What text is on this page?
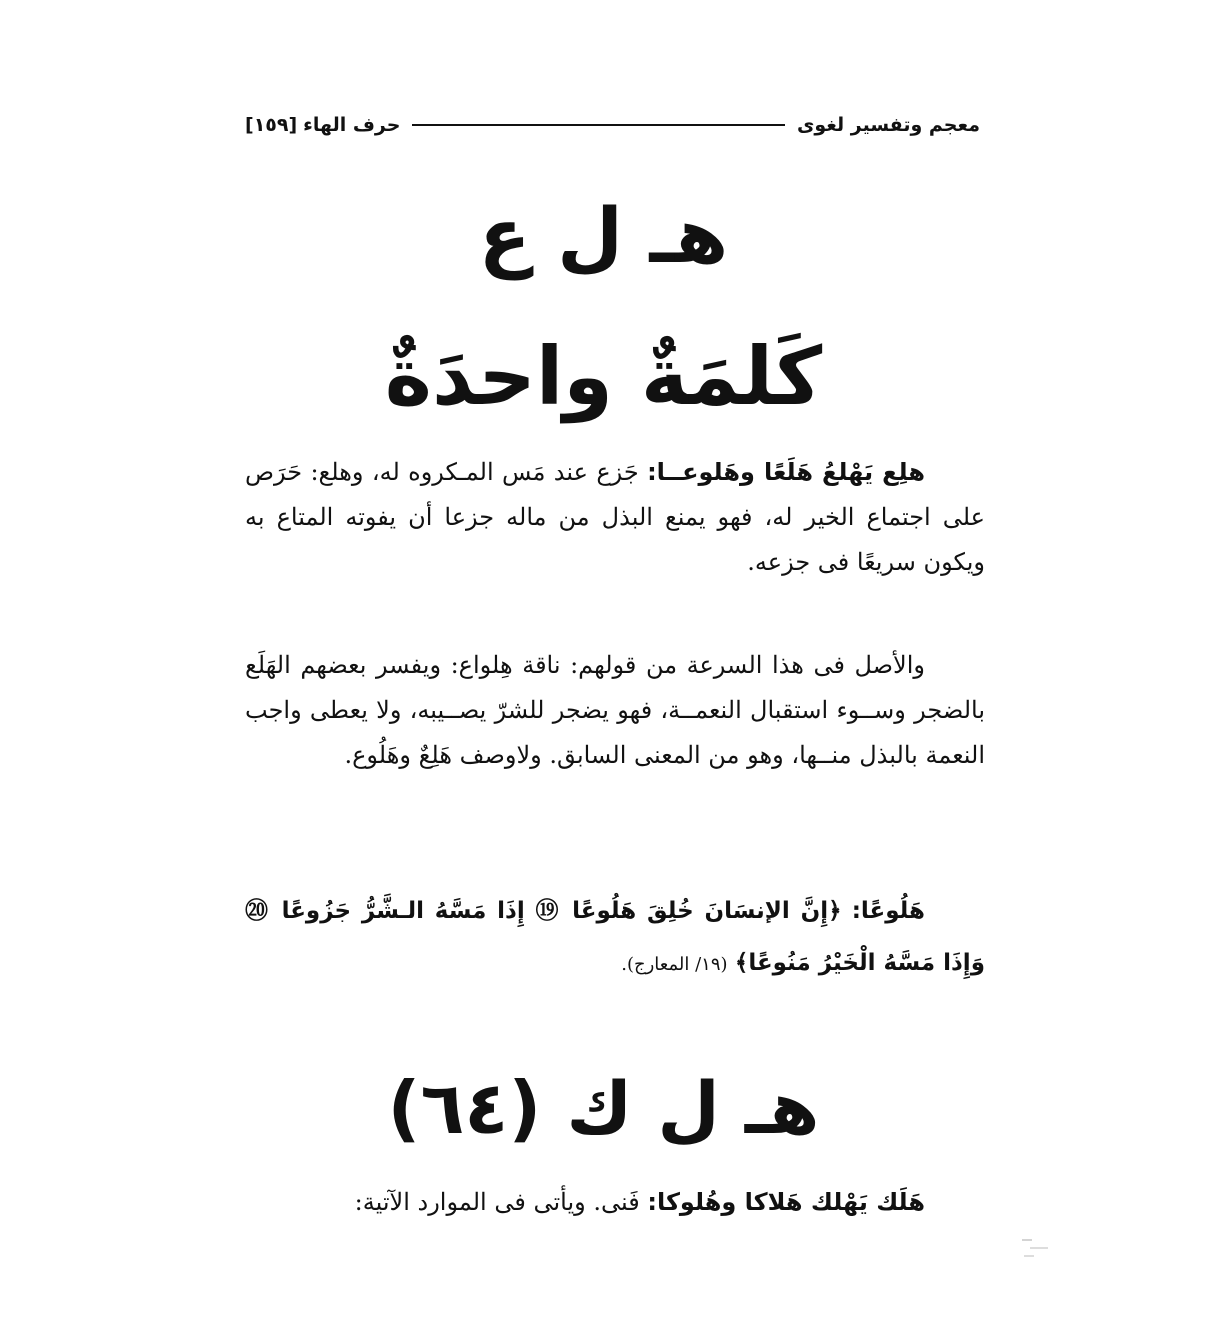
معجم وتفسير لغوى
حرف الهاء
[١٥٩]
هـ ل ع
كَلمَةٌ واحدَةٌ
هلِع يَهْلعُ هَلَعًا وهَلوعــا: جَزع عند مَس المـكروه له، وهلع: حَرَص على اجتماع الخير له، فهو يمنع البذل من ماله جزعا أن يفوته المتاع به ويكون سريعًا فى جزعه.
والأصل فى هذا السرعة من قولهم: ناقة هِلواع: ويفسر بعضهم الهَلَع بالضجر وســوء استقبال النعمــة، فهو يضجر للشرّ يصــيبه، ولا يعطى واجب النعمة بالبذل منــها، وهو من المعنى السابق. ولاوصف هَلِعٌ وهَلُوع.
هَلُوعًا: ﴿إِنَّ الإنسَانَ خُلِقَ هَلُوعًا ⑲ إِذَا مَسَّهُ الـشَّرُّ جَزُوعًا ⑳ وَإِذَا مَسَّهُ الْخَيْرُ مَنُوعًا﴾ (١٩/ المعارج).
هـ ل ك (٦٤)
هَلَك يَهْلك هَلاكا وهُلوكا: فَنى. ويأتى فى الموارد الآتية:
